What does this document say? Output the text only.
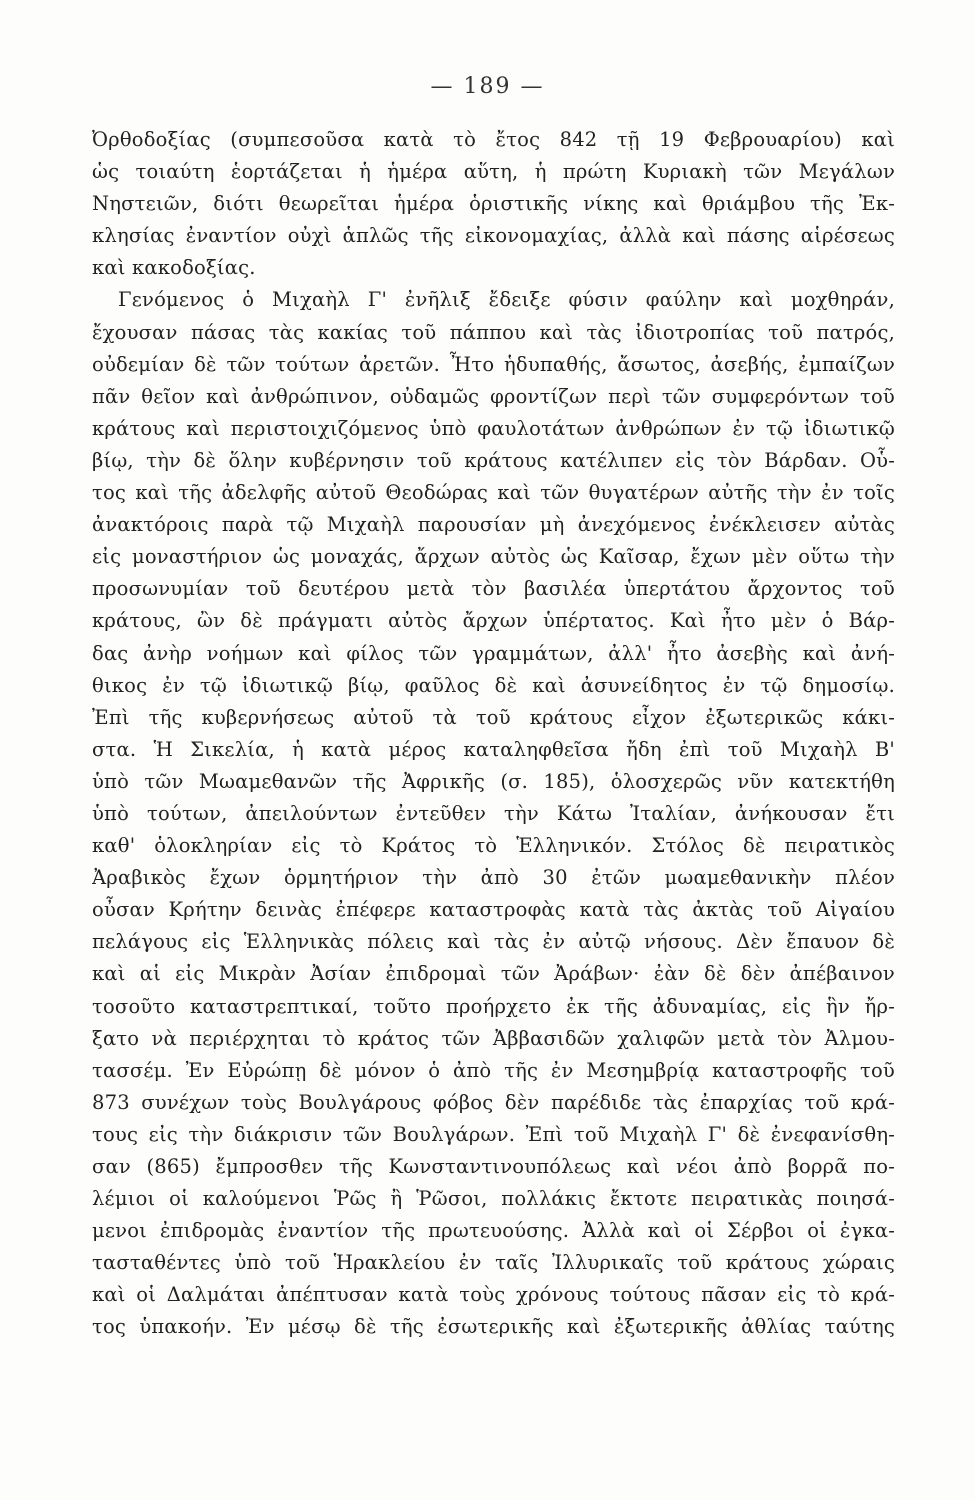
— 189 —
Ὀρθοδοξίας (συμπεσοῦσα κατὰ τὸ ἔτος 842 τῇ 19 Φεβρουαρίου) καὶ
ὡς τοιαύτη ἑορτάζεται ἡ ἡμέρα αὕτη, ἡ πρώτη Κυριακὴ τῶν Μεγάλων
Νηστειῶν, διότι θεωρεῖται ἡμέρα ὁριστικῆς νίκης καὶ θριάμβου τῆς Ἐκ-
κλησίας ἐναντίον οὐχὶ ἁπλῶς τῆς εἰκονομαχίας, ἀλλὰ καὶ πάσης αἱρέσεως
καὶ κακοδοξίας.
Γενόμενος ὁ Μιχαὴλ Γ' ἐνῆλιξ ἔδειξε φύσιν φαύλην καὶ μοχθηράν,
ἔχουσαν πάσας τὰς κακίας τοῦ πάππου καὶ τὰς ἰδιοτροπίας τοῦ πατρός,
οὐδεμίαν δὲ τῶν τούτων ἀρετῶν. Ἦτο ἡδυπαθής, ἄσωτος, ἀσεβής, ἐμπαίζων
πᾶν θεῖον καὶ ἀνθρώπινον, οὐδαμῶς φροντίζων περὶ τῶν συμφερόντων τοῦ
κράτους καὶ περιστοιχιζόμενος ὑπὸ φαυλοτάτων ἀνθρώπων ἐν τῷ ἰδιωτικῷ
βίῳ, τὴν δὲ ὅλην κυβέρνησιν τοῦ κράτους κατέλιπεν εἰς τὸν Βάρδαν. Οὗ-
τος καὶ τῆς ἀδελφῆς αὐτοῦ Θεοδώρας καὶ τῶν θυγατέρων αὐτῆς τὴν ἐν τοῖς
ἀνακτόροις παρὰ τῷ Μιχαὴλ παρουσίαν μὴ ἀνεχόμενος ἐνέκλεισεν αὐτὰς
εἰς μοναστήριον ὡς μοναχάς, ἄρχων αὐτὸς ὡς Καῖσαρ, ἔχων μὲν οὕτω τὴν
προσωνυμίαν τοῦ δευτέρου μετὰ τὸν βασιλέα ὑπερτάτου ἄρχοντος τοῦ
κράτους, ὢν δὲ πράγματι αὐτὸς ἄρχων ὑπέρτατος. Καὶ ἦτο μὲν ὁ Βάρ-
δας ἀνὴρ νοήμων καὶ φίλος τῶν γραμμάτων, ἀλλ' ἦτο ἀσεβὴς καὶ ἀνή-
θικος ἐν τῷ ἰδιωτικῷ βίῳ, φαῦλος δὲ καὶ ἀσυνείδητος ἐν τῷ δημοσίῳ.
Ἐπὶ τῆς κυβερνήσεως αὐτοῦ τὰ τοῦ κράτους εἶχον ἐξωτερικῶς κάκι-
στα. Ἡ Σικελία, ἡ κατὰ μέρος καταληφθεῖσα ἤδη ἐπὶ τοῦ Μιχαὴλ Β'
ὑπὸ τῶν Μωαμεθανῶν τῆς Ἀφρικῆς (σ. 185), ὁλοσχερῶς νῦν κατεκτήθη
ὑπὸ τούτων, ἀπειλούντων ἐντεῦθεν τὴν Κάτω Ἰταλίαν, ἀνήκουσαν ἔτι
καθ' ὁλοκληρίαν εἰς τὸ Κράτος τὸ Ἑλληνικόν. Στόλος δὲ πειρατικὸς
Ἀραβικὸς ἔχων ὁρμητήριον τὴν ἀπὸ 30 ἐτῶν μωαμεθανικὴν πλέον
οὖσαν Κρήτην δεινὰς ἐπέφερε καταστροφὰς κατὰ τὰς ἀκτὰς τοῦ Αἰγαίου
πελάγους εἰς Ἑλληνικὰς πόλεις καὶ τὰς ἐν αὐτῷ νήσους. Δὲν ἔπαυον δὲ
καὶ αἱ εἰς Μικρὰν Ἀσίαν ἐπιδρομαὶ τῶν Ἀράβων· ἐὰν δὲ δὲν ἀπέβαινον
τοσοῦτο καταστρεπτικαί, τοῦτο προήρχετο ἐκ τῆς ἀδυναμίας, εἰς ἣν ἤρ-
ξατο νὰ περιέρχηται τὸ κράτος τῶν Ἀββασιδῶν χαλιφῶν μετὰ τὸν Ἀλμου-
τασσέμ. Ἐν Εὐρώπῃ δὲ μόνον ὁ ἀπὸ τῆς ἐν Μεσημβρίᾳ καταστροφῆς τοῦ
873 συνέχων τοὺς Βουλγάρους φόβος δὲν παρέδιδε τὰς ἐπαρχίας τοῦ κρά-
τους εἰς τὴν διάκρισιν τῶν Βουλγάρων. Ἐπὶ τοῦ Μιχαὴλ Γ' δὲ ἐνεφανίσθη-
σαν (865) ἔμπροσθεν τῆς Κωνσταντινουπόλεως καὶ νέοι ἀπὸ βορρᾶ πο-
λέμιοι οἱ καλούμενοι Ῥῶς ἢ Ῥῶσοι, πολλάκις ἔκτοτε πειρατικὰς ποιησά-
μενοι ἐπιδρομὰς ἐναντίον τῆς πρωτευούσης. Ἀλλὰ καὶ οἱ Σέρβοι οἱ ἐγκα-
τασταθέντες ὑπὸ τοῦ Ἡρακλείου ἐν ταῖς Ἰλλυρικαῖς τοῦ κράτους χώραις
καὶ οἱ Δαλμάται ἀπέπτυσαν κατὰ τοὺς χρόνους τούτους πᾶσαν εἰς τὸ κρά-
τος ὑπακοήν. Ἐν μέσῳ δὲ τῆς ἐσωτερικῆς καὶ ἐξωτερικῆς ἀθλίας ταύτης
